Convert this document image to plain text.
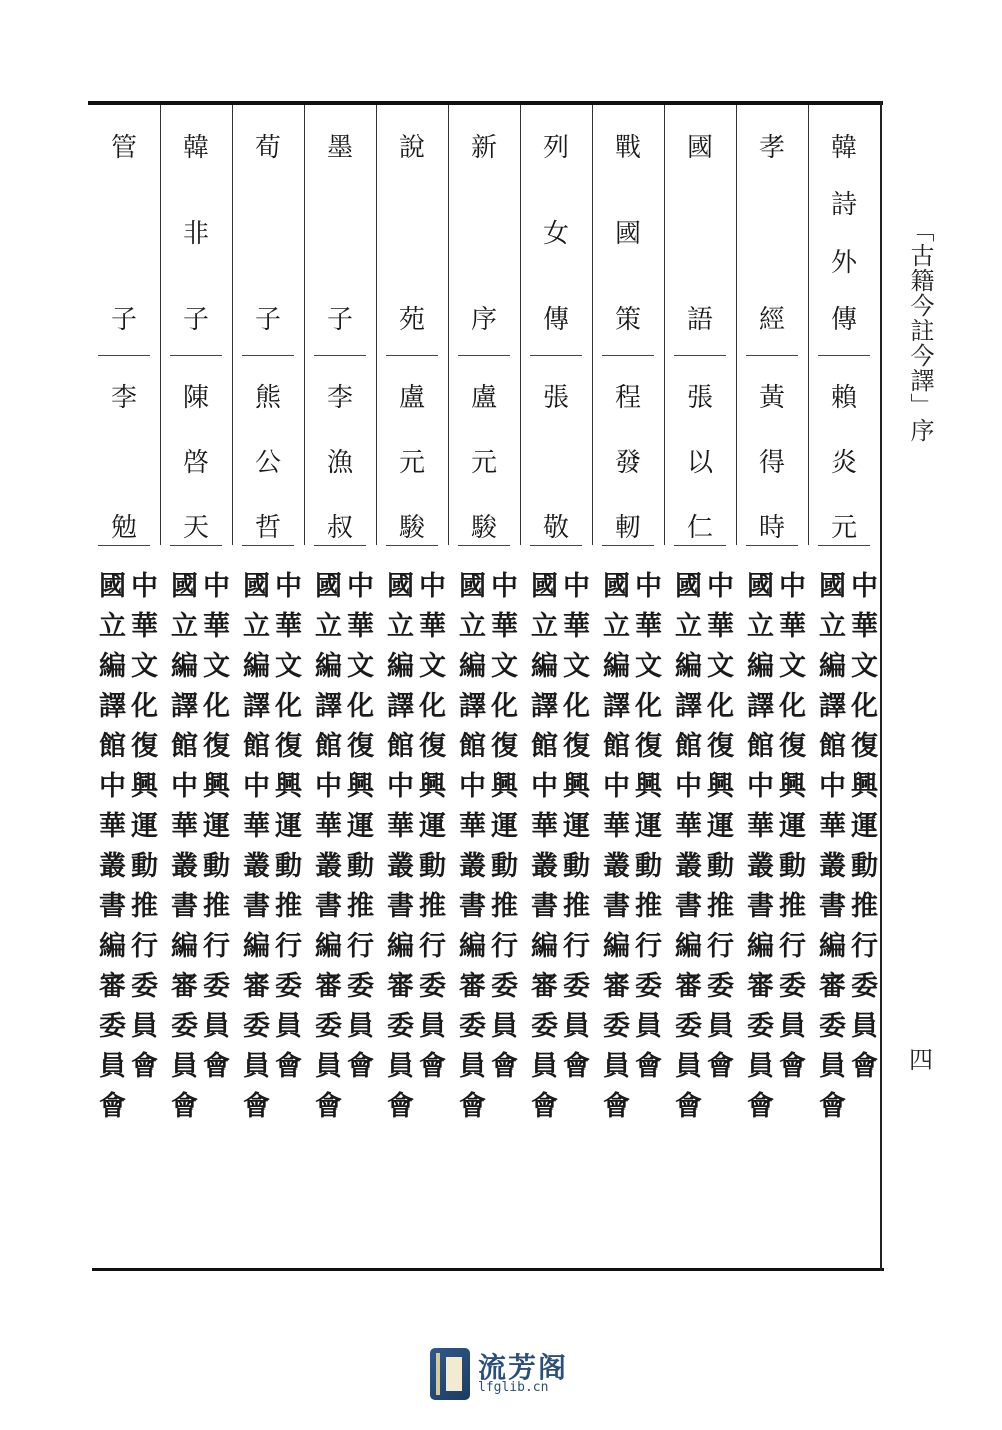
韓
詩
外
傳
賴
炎
元
中華文化復興運動推行委員會
國立編譯館中華叢書編審委員會
孝
經
黃
得
時
中華文化復興運動推行委員會
國立編譯館中華叢書編審委員會
國
語
張
以
仁
中華文化復興運動推行委員會
國立編譯館中華叢書編審委員會
戰
國
策
程
發
軔
中華文化復興運動推行委員會
國立編譯館中華叢書編審委員會
列
女
傳
張
敬
中華文化復興運動推行委員會
國立編譯館中華叢書編審委員會
新
序
盧
元
駿
中華文化復興運動推行委員會
國立編譯館中華叢書編審委員會
說
苑
盧
元
駿
中華文化復興運動推行委員會
國立編譯館中華叢書編審委員會
墨
子
李
漁
叔
中華文化復興運動推行委員會
國立編譯館中華叢書編審委員會
荀
子
熊
公
哲
中華文化復興運動推行委員會
國立編譯館中華叢書編審委員會
韓
非
子
陳
啓
天
中華文化復興運動推行委員會
國立編譯館中華叢書編審委員會
管
子
李
勉
中華文化復興運動推行委員會
國立編譯館中華叢書編審委員會
「古籍今註今譯」序
四
流芳阁
lfglib.cn
